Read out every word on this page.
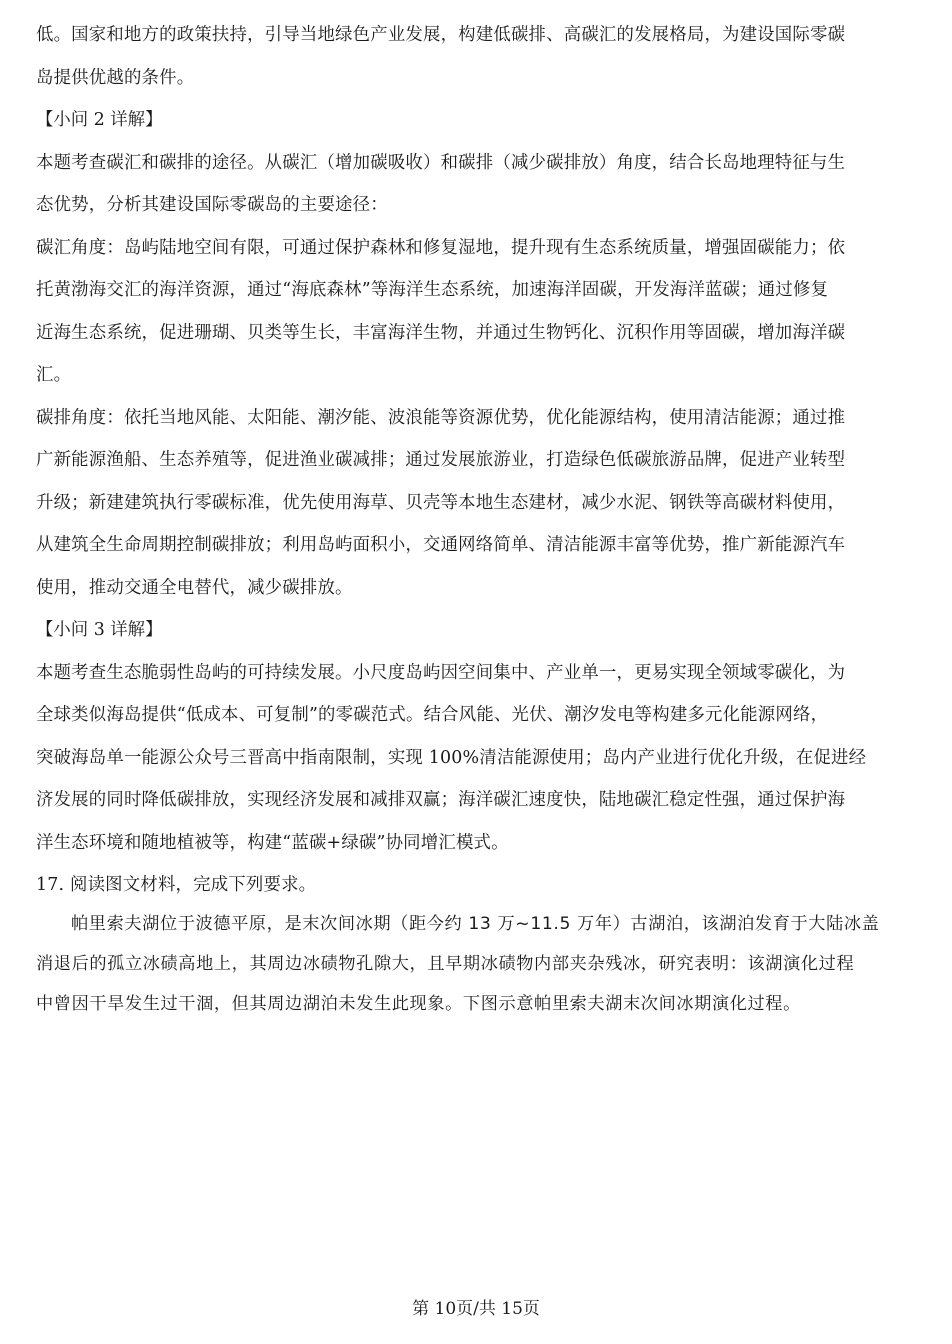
低。国家和地方的政策扶持，引导当地绿色产业发展，构建低碳排、高碳汇的发展格局，为建设国际零碳
岛提供优越的条件。
【小问 2 详解】
本题考查碳汇和碳排的途径。从碳汇（增加碳吸收）和碳排（减少碳排放）角度，结合长岛地理特征与生
态优势，分析其建设国际零碳岛的主要途径：
碳汇角度：岛屿陆地空间有限，可通过保护森林和修复湿地，提升现有生态系统质量，增强固碳能力；依
托黄渤海交汇的海洋资源，通过“海底森林”等海洋生态系统，加速海洋固碳，开发海洋蓝碳；通过修复
近海生态系统，促进珊瑚、贝类等生长，丰富海洋生物，并通过生物钙化、沉积作用等固碳，增加海洋碳
汇。
碳排角度：依托当地风能、太阳能、潮汐能、波浪能等资源优势，优化能源结构，使用清洁能源；通过推
广新能源渔船、生态养殖等，促进渔业碳减排；通过发展旅游业，打造绿色低碳旅游品牌，促进产业转型
升级；新建建筑执行零碳标准，优先使用海草、贝壳等本地生态建材，减少水泥、钢铁等高碳材料使用，
从建筑全生命周期控制碳排放；利用岛屿面积小，交通网络简单、清洁能源丰富等优势，推广新能源汽车
使用，推动交通全电替代，减少碳排放。
【小问 3 详解】
本题考查生态脆弱性岛屿的可持续发展。小尺度岛屿因空间集中、产业单一，更易实现全领域零碳化，为
全球类似海岛提供“低成本、可复制”的零碳范式。结合风能、光伏、潮汐发电等构建多元化能源网络，
突破海岛单一能源公众号三晋高中指南限制，实现 100%清洁能源使用；岛内产业进行优化升级，在促进经
济发展的同时降低碳排放，实现经济发展和减排双赢；海洋碳汇速度快，陆地碳汇稳定性强，通过保护海
洋生态环境和随地植被等，构建“蓝碳+绿碳”协同增汇模式。
17. 阅读图文材料，完成下列要求。
帕里索夫湖位于波德平原，是末次间冰期（距今约 13 万~11.5 万年）古湖泊，该湖泊发育于大陆冰盖
消退后的孤立冰碛高地上，其周边冰碛物孔隙大，且早期冰碛物内部夹杂残冰，研究表明：该湖演化过程
中曾因干旱发生过干涸，但其周边湖泊未发生此现象。下图示意帕里索夫湖末次间冰期演化过程。
第 10页/共 15页
